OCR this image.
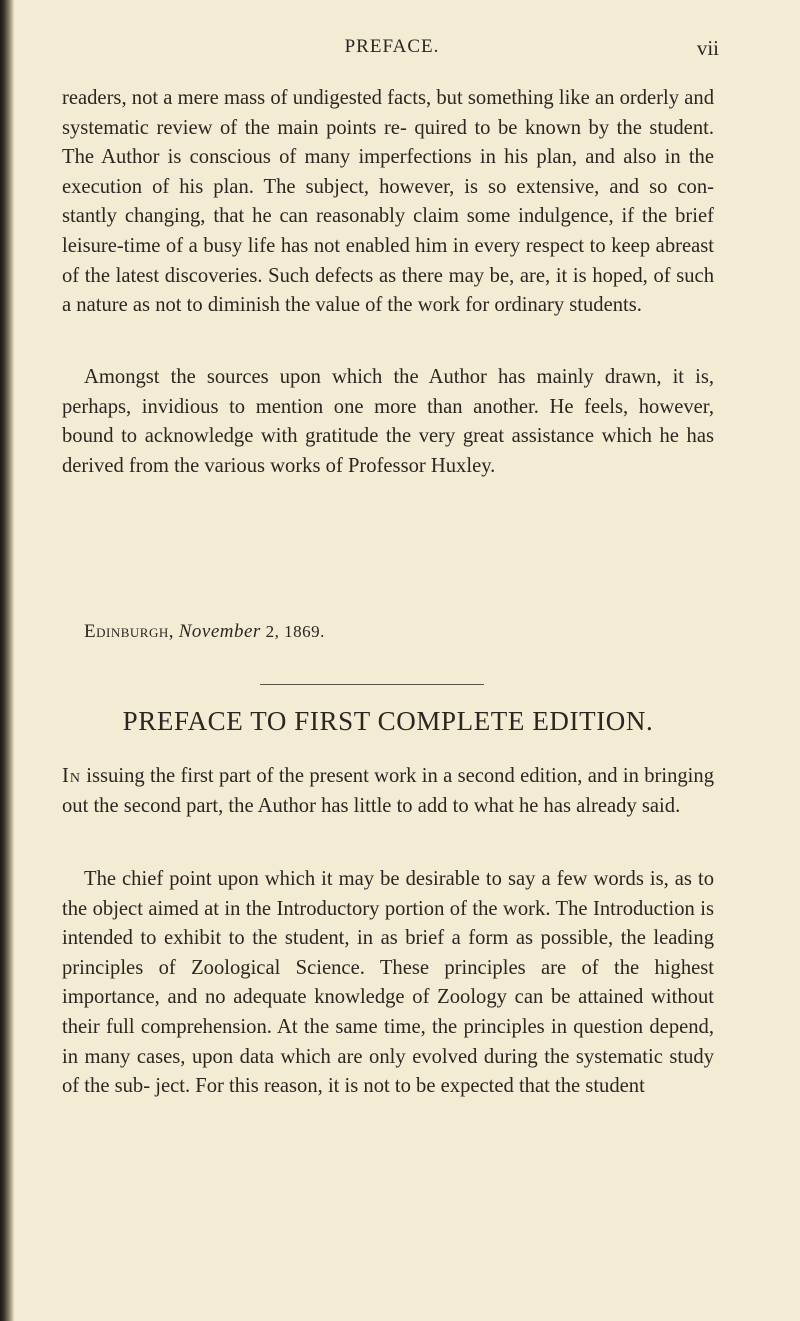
PREFACE.	vii

readers, not a mere mass of undigested facts, but something like an orderly and systematic review of the main points re- quired to be known by the student. The Author is conscious of many imperfections in his plan, and also in the execution of his plan. The subject, however, is so extensive, and so con- stantly changing, that he can reasonably claim some indulgence, if the brief leisure-time of a busy life has not enabled him in every respect to keep abreast of the latest discoveries. Such defects as there may be, are, it is hoped, of such a nature as not to diminish the value of the work for ordinary students.

Amongst the sources upon which the Author has mainly drawn, it is, perhaps, invidious to mention one more than another. He feels, however, bound to acknowledge with gratitude the very great assistance which he has derived from the various works of Professor Huxley.

Edinburgh, November 2, 1869.
PREFACE TO FIRST COMPLETE EDITION.

In issuing the first part of the present work in a second edition, and in bringing out the second part, the Author has little to add to what he has already said.

The chief point upon which it may be desirable to say a few words is, as to the object aimed at in the Introductory portion of the work. The Introduction is intended to exhibit to the student, in as brief a form as possible, the leading principles of Zoological Science. These principles are of the highest importance, and no adequate knowledge of Zoology can be attained without their full comprehension. At the same time, the principles in question depend, in many cases, upon data which are only evolved during the systematic study of the sub- ject. For this reason, it is not to be expected that the student
